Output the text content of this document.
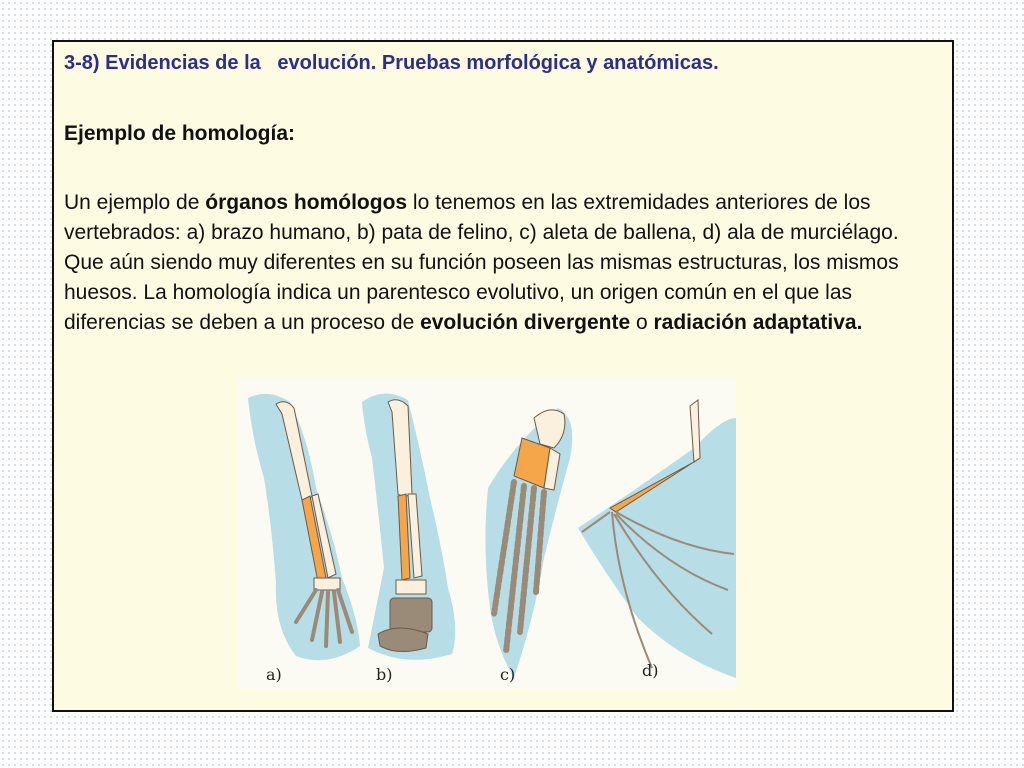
3-8) Evidencias de la   evolución. Pruebas morfológica y anatómicas.
Ejemplo de homología:

Un ejemplo de órganos homólogos lo tenemos en las extremidades anteriores de los vertebrados: a) brazo humano, b) pata de felino, c) aleta de ballena, d) ala de murciélago. Que aún siendo muy diferentes en su función poseen las mismas estructuras, los mismos huesos. La homología indica un parentesco evolutivo, un origen común en el que las diferencias se deben a un proceso de evolución divergente o radiación adaptativa.

a)	b)	c)	d)
